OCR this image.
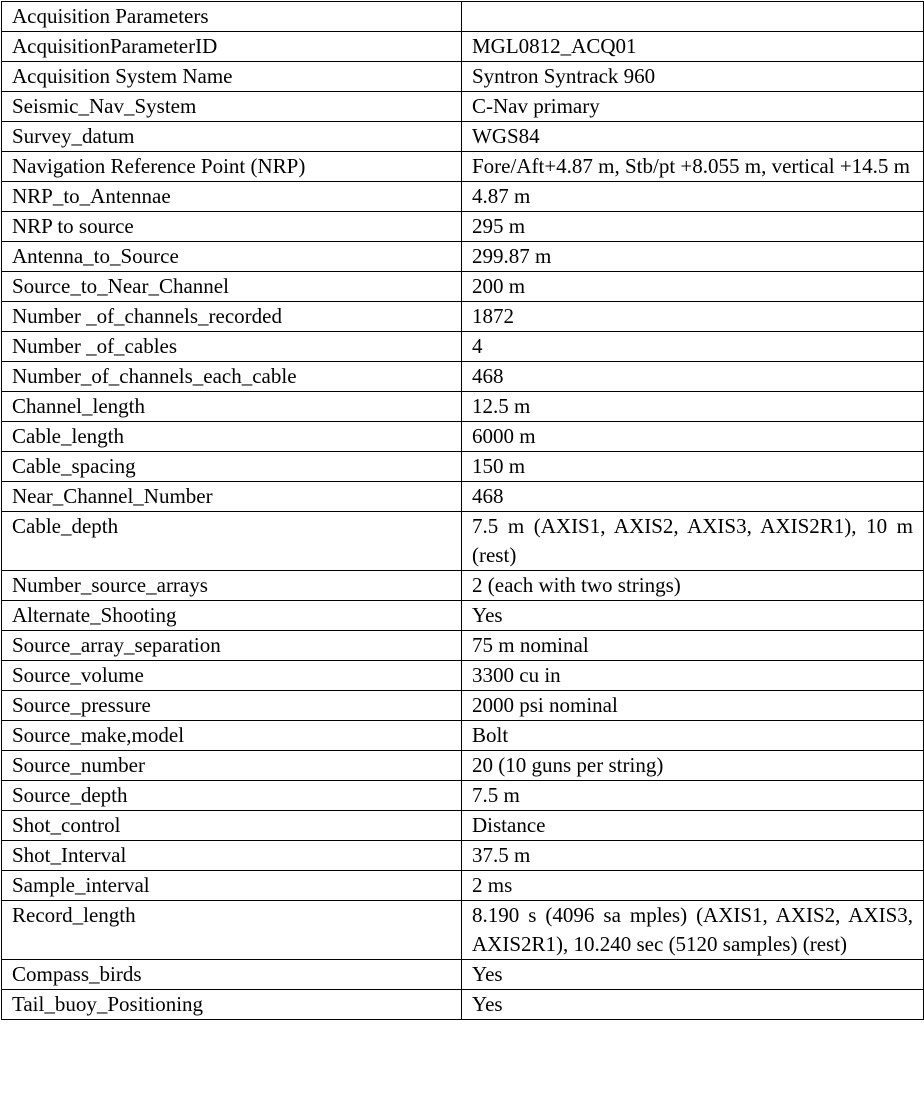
Acquisition Parameters	
AcquisitionParameterID	MGL0812_ACQ01
Acquisition System Name	Syntron Syntrack 960
Seismic_Nav_System	C-Nav primary
Survey_datum	WGS84
Navigation Reference Point (NRP)	Fore/Aft+4.87 m, Stb/pt +8.055 m, vertical +14.5 m
NRP_to_Antennae	4.87 m
NRP to source	295 m
Antenna_to_Source	299.87 m
Source_to_Near_Channel	200 m
Number _of_channels_recorded	1872
Number _of_cables	4
Number_of_channels_each_cable	468
Channel_length	12.5 m
Cable_length	6000 m
Cable_spacing	150 m
Near_Channel_Number	468
Cable_depth	7.5 m (AXIS1, AXIS2, AXIS3, AXIS2R1), 10 m (rest)
Number_source_arrays	2 (each with two strings)
Alternate_Shooting	Yes
Source_array_separation	75 m nominal
Source_volume	3300 cu in
Source_pressure	2000 psi nominal
Source_make,model	Bolt
Source_number	20 (10 guns per string)
Source_depth	7.5 m
Shot_control	Distance
Shot_Interval	37.5 m
Sample_interval	2 ms
Record_length	8.190 s (4096 sa mples) (AXIS1, AXIS2, AXIS3, AXIS2R1), 10.240 sec (5120 samples) (rest)
Compass_birds	Yes
Tail_buoy_Positioning	Yes
